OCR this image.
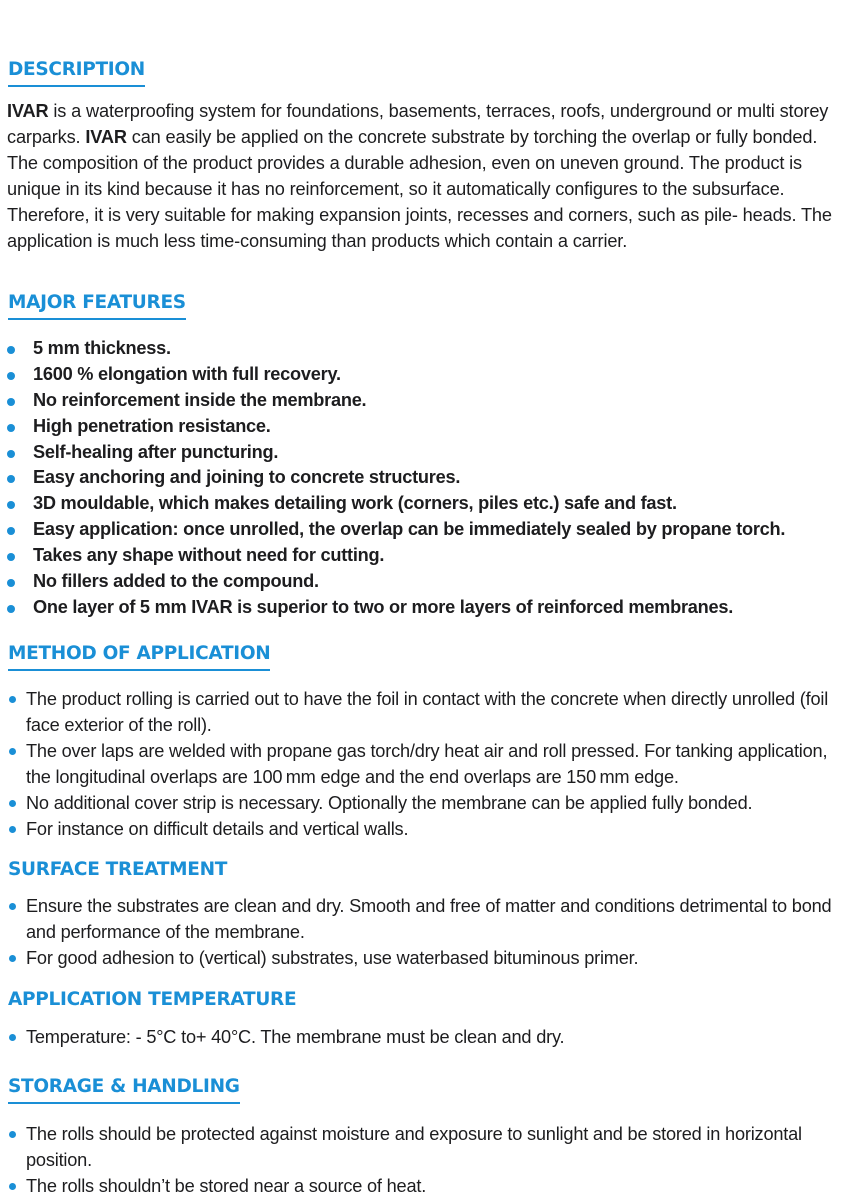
DESCRIPTION

IVAR is a waterproofing system for foundations, basements, terraces, roofs, underground or multi storey carparks. IVAR can easily be applied on the concrete substrate by torching the overlap or fully bonded. The composition of the product provides a durable adhesion, even on uneven ground. The product is unique in its kind because it has no reinforcement, so it automatically configures to the subsurface. Therefore, it is very suitable for making expansion joints, recesses and corners, such as pile- heads. The application is much less time-consuming than products which contain a carrier.

MAJOR FEATURES
5 mm thickness.
1600 % elongation with full recovery.
No reinforcement inside the membrane.
High penetration resistance.
Self-healing after puncturing.
Easy anchoring and joining to concrete structures.
3D mouldable, which makes detailing work (corners, piles etc.) safe and fast.
Easy application: once unrolled, the overlap can be immediately sealed by propane torch.
Takes any shape without need for cutting.
No fillers added to the compound.
One layer of 5 mm IVAR is superior to two or more layers of reinforced membranes.
METHOD OF APPLICATION
The product rolling is carried out to have the foil in contact with the concrete when directly unrolled (foil face exterior of the roll).
The over laps are welded with propane gas torch/dry heat air and roll pressed. For tanking application, the longitudinal overlaps are 100 mm edge and the end overlaps are 150 mm edge.
No additional cover strip is necessary. Optionally the membrane can be applied fully bonded.
For instance on difficult details and vertical walls.
SURFACE TREATMENT
Ensure the substrates are clean and dry. Smooth and free of matter and conditions detrimental to bond and performance of the membrane.
For good adhesion to (vertical) substrates, use waterbased bituminous primer.
APPLICATION TEMPERATURE
Temperature: - 5°C to+ 40°C. The membrane must be clean and dry.
STORAGE & HANDLING
The rolls should be protected against moisture and exposure to sunlight and be stored in horizontal position.
The rolls shouldn’t be stored near a source of heat.
